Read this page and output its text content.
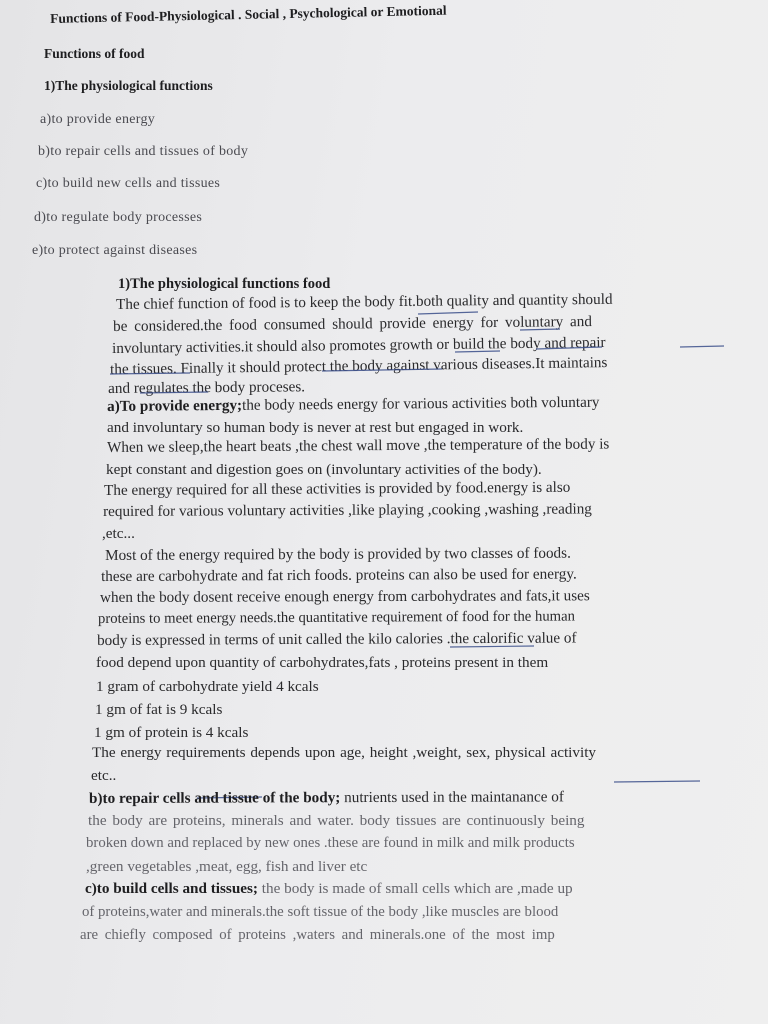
Functions of Food-Physiological . Social , Psychological or Emotional
Functions of food
1)The physiological functions
a)to provide energy
b)to repair cells and tissues of body
c)to build new cells and tissues
d)to regulate body processes
e)to protect against diseases
1)The physiological functions food
The chief function of food is to keep the body fit.both quality and quantity should
be considered.the food consumed should provide energy for voluntary and
involuntary activities.it should also promotes growth or build the body and repair
the tissues. Finally it should protect the body against various diseases.It maintains
and regulates the body proceses.
a)To provide energy;the body needs energy for various activities both voluntary
and involuntary so human body is never at rest but engaged in work.
When we sleep,the heart beats ,the chest wall move ,the temperature of the body is
kept constant and digestion goes on (involuntary activities of the body).
The energy required for all these activities is provided by food.energy is also
required for various voluntary activities ,like playing ,cooking ,washing ,reading
,etc...
Most of the energy required by the body is provided by two classes of foods.
these are carbohydrate and fat rich foods. proteins can also be used for energy.
when the body dosent receive enough energy from carbohydrates and fats,it uses
proteins to meet energy needs.the quantitative requirement of food for the human
body is expressed in terms of unit called the kilo calories .the calorific value of
food depend upon quantity of carbohydrates,fats , proteins present in them
1 gram of carbohydrate yield 4 kcals
1 gm of fat is 9 kcals
1 gm of protein is 4 kcals
The energy requirements depends upon age, height ,weight, sex, physical activity
etc..
b)to repair cells and tissue of the body; nutrients used in the maintanance of
the body are proteins, minerals and water. body tissues are continuously being
broken down and replaced by new ones .these are found in milk and milk products
,green vegetables ,meat, egg, fish and liver etc
c)to build cells and tissues; the body is made of small cells which are ,made up
of proteins,water and minerals.the soft tissue of the body ,like muscles are blood
are chiefly composed of proteins ,waters and minerals.one of the most imp
